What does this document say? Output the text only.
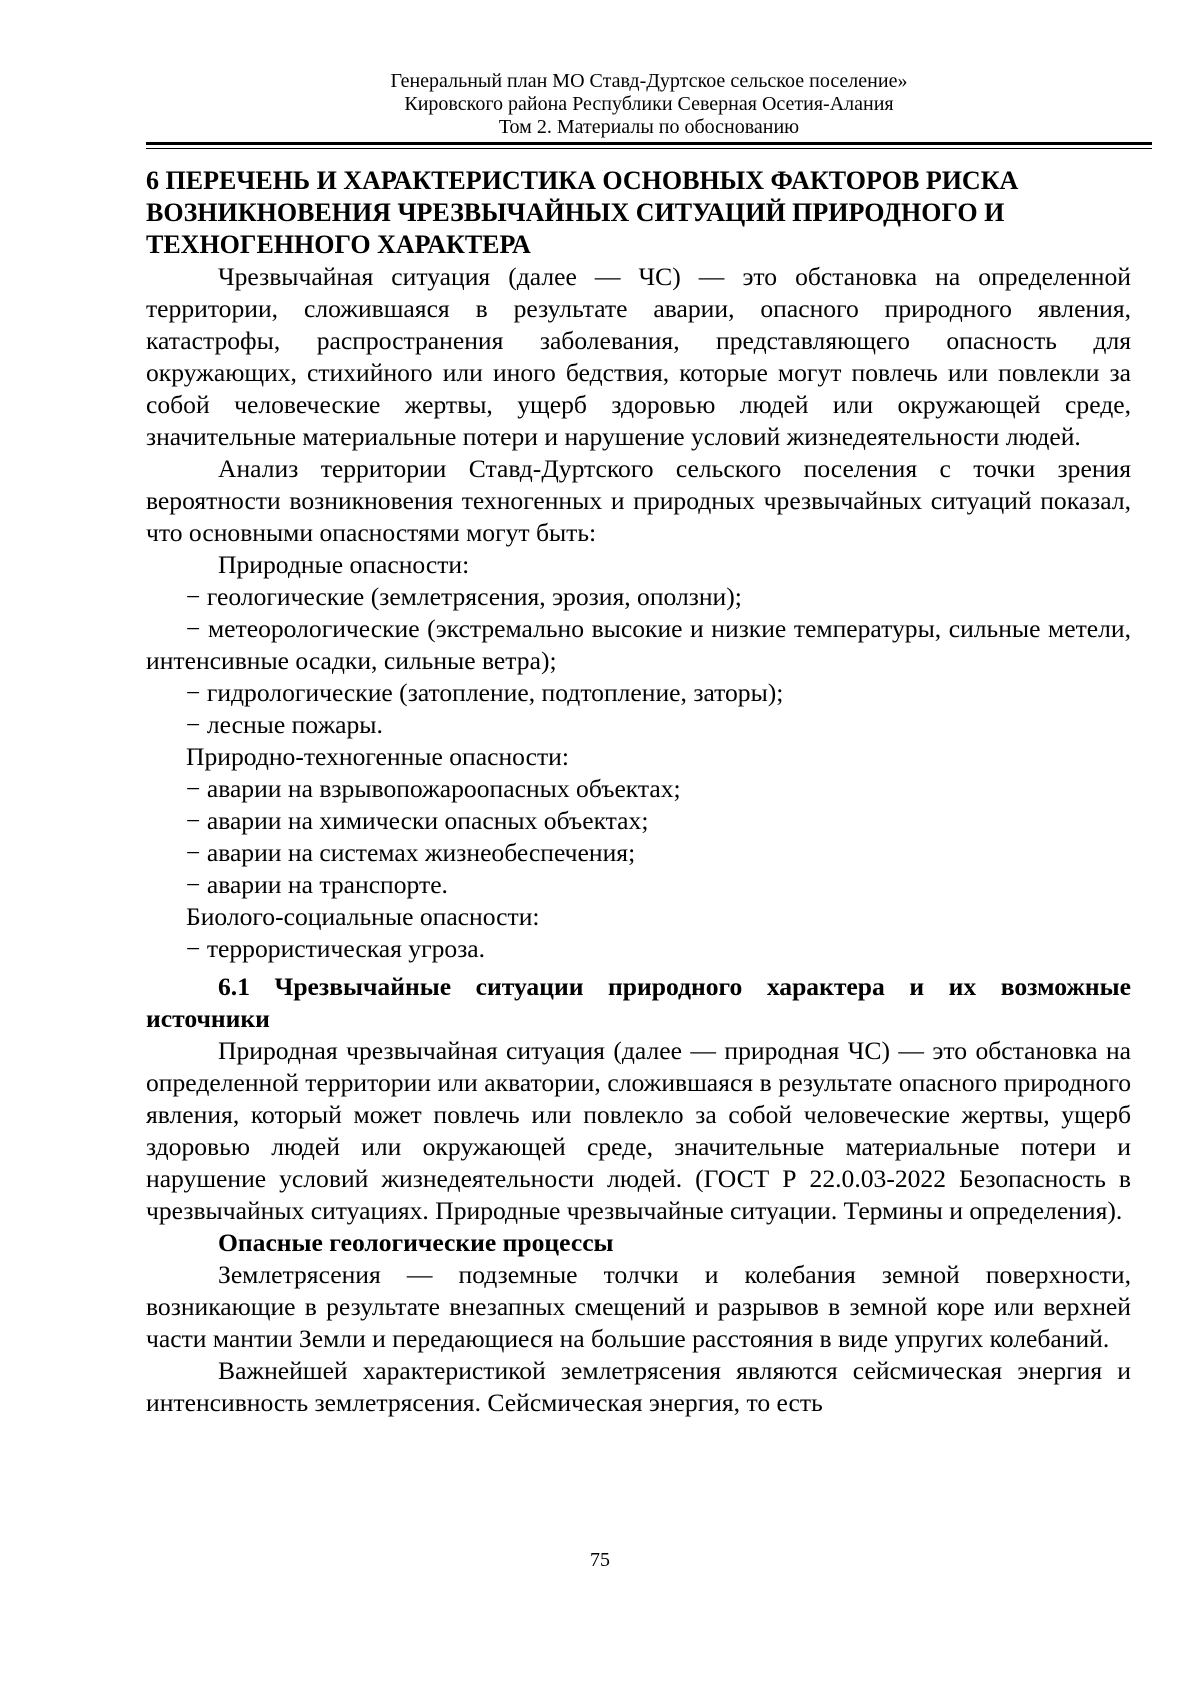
Генеральный план МО Ставд-Дуртское сельское поселение»
Кировского района Республики Северная Осетия-Алания
Том 2. Материалы по обоснованию

6 ПЕРЕЧЕНЬ И ХАРАКТЕРИСТИКА ОСНОВНЫХ ФАКТОРОВ РИСКА ВОЗНИКНОВЕНИЯ ЧРЕЗВЫЧАЙНЫХ СИТУАЦИЙ ПРИРОДНОГО И ТЕХНОГЕННОГО ХАРАКТЕРА

Чрезвычайная ситуация (далее — ЧС) — это обстановка на определенной территории, сложившаяся в результате аварии, опасного природного явления, катастрофы, распространения заболевания, представляющего опасность для окружающих, стихийного или иного бедствия, которые могут повлечь или повлекли за собой человеческие жертвы, ущерб здоровью людей или окружающей среде, значительные материальные потери и нарушение условий жизнедеятельности людей.

Анализ территории Ставд-Дуртского сельского поселения с точки зрения вероятности возникновения техногенных и природных чрезвычайных ситуаций показал, что основными опасностями могут быть:

Природные опасности:

− геологические (землетрясения, эрозия, оползни);

− метеорологические (экстремально высокие и низкие температуры, сильные метели, интенсивные осадки, сильные ветра);

− гидрологические (затопление, подтопление, заторы);

− лесные пожары.

Природно-техногенные опасности:

− аварии на взрывопожароопасных объектах;

− аварии на химически опасных объектах;

− аварии на системах жизнеобеспечения;

− аварии на транспорте.

Биолого-социальные опасности:

− террористическая угроза.

6.1 Чрезвычайные ситуации природного характера и их возможные источники

Природная чрезвычайная ситуация (далее — природная ЧС) — это обстановка на определенной территории или акватории, сложившаяся в результате опасного природного явления, который может повлечь или повлекло за собой человеческие жертвы, ущерб здоровью людей или окружающей среде, значительные материальные потери и нарушение условий жизнедеятельности людей. (ГОСТ Р 22.0.03-2022 Безопасность в чрезвычайных ситуациях. Природные чрезвычайные ситуации. Термины и определения).

Опасные геологические процессы

Землетрясения — подземные толчки и колебания земной поверхности, возникающие в результате внезапных смещений и разрывов в земной коре или верхней части мантии Земли и передающиеся на большие расстояния в виде упругих колебаний.

Важнейшей характеристикой землетрясения являются сейсмическая энергия и интенсивность землетрясения. Сейсмическая энергия, то есть

75
